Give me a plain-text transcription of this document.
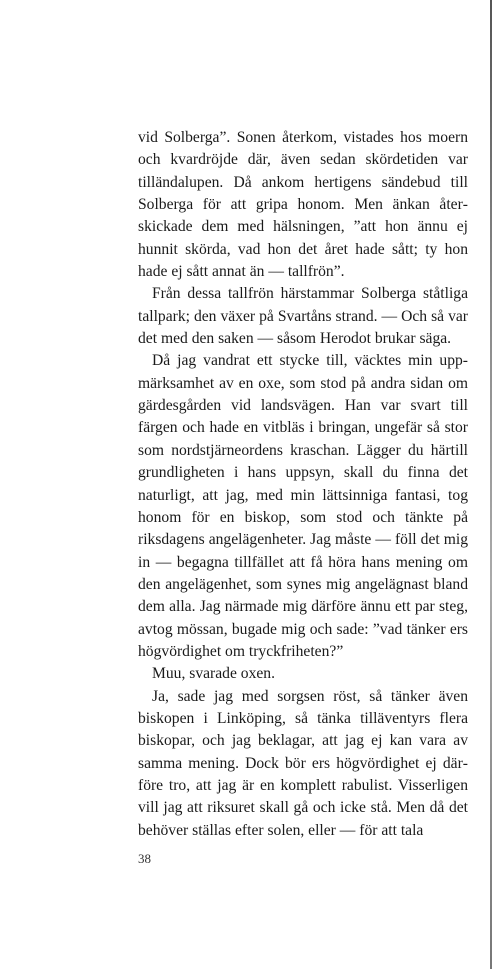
vid Solberga”. Sonen återkom, vistades hos moern och kvardröjde där, även sedan skördetiden var tilländalupen. Då ankom hertigens sändebud till Solberga för att gripa honom. Men änkan återskickade dem med hälsningen, ”att hon ännu ej hunnit skörda, vad hon det året hade sått; ty hon hade ej sått annat än — tallfrön”.

Från dessa tallfrön härstammar Solberga ståtliga tallpark; den växer på Svartåns strand. — Och så var det med den saken — såsom Herodot brukar säga.

Då jag vandrat ett stycke till, väcktes min uppmärksamhet av en oxe, som stod på andra sidan om gärdesgården vid landsvägen. Han var svart till färgen och hade en vitbläs i bringan, ungefär så stor som nordstjärneordens kraschan. Lägger du härtill grundligheten i hans uppsyn, skall du finna det naturligt, att jag, med min lättsinniga fantasi, tog honom för en biskop, som stod och tänkte på riksdagens angelägenheter. Jag måste — föll det mig in — begagna tillfället att få höra hans mening om den angelägenhet, som synes mig angelägnast bland dem alla. Jag närmade mig därföre ännu ett par steg, avtog mössan, bugade mig och sade: ”vad tänker ers högvördighet om tryckfriheten?”

Muu, svarade oxen.

Ja, sade jag med sorgsen röst, så tänker även biskopen i Linköping, så tänka tilläventyrs flera biskopar, och jag beklagar, att jag ej kan vara av samma mening. Dock bör ers högvördighet ej därföre tro, att jag är en komplett rabulist. Visserligen vill jag att riksuret skall gå och icke stå. Men då det behöver ställas efter solen, eller — för att tala

38
